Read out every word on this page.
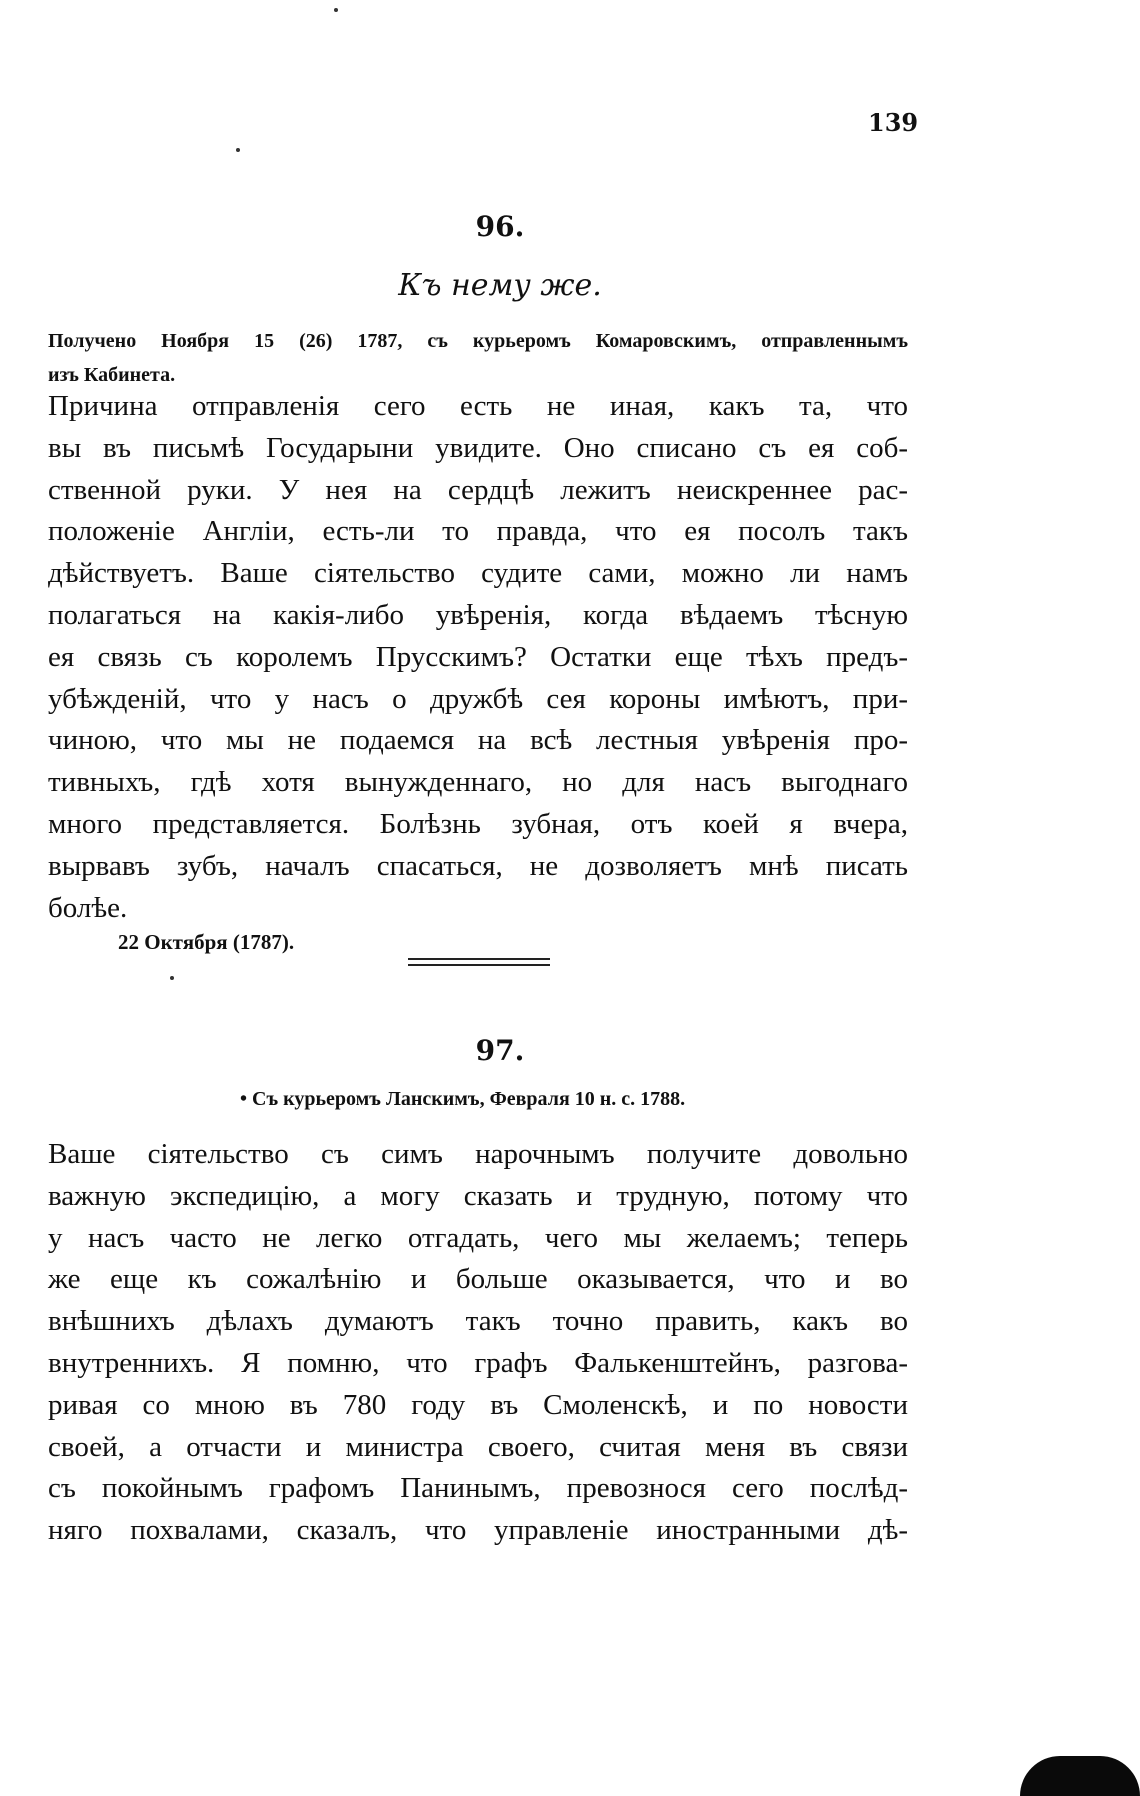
139
96.
Къ нему же.
Получено Ноября 15 (26) 1787, съ курьеромъ Комаровскимъ, отправленнымъ
изъ Кабинета.
Причина отправленія сего есть не иная, какъ та, что
вы въ письмѣ Государыни увидите. Оно списано съ ея соб-
ственной руки. У нея на сердцѣ лежитъ неискреннее рас-
положеніе Англіи, есть-ли то правда, что ея посолъ такъ
дѣйствуетъ. Ваше сіятельство судите сами, можно ли намъ
полагаться на какія-либо увѣренія, когда вѣдаемъ тѣсную
ея связь съ королемъ Прусскимъ? Остатки еще тѣхъ предъ-
убѣжденій, что у насъ о дружбѣ сея короны имѣютъ, при-
чиною, что мы не подаемся на всѣ лестныя увѣренія про-
тивныхъ, гдѣ хотя вынужденнаго, но для насъ выгоднаго
много представляется. Болѣзнь зубная, отъ коей я вчера,
вырвавъ зубъ, началъ спасаться, не дозволяетъ мнѣ писать
болѣе.
22 Октября (1787).
97.
• Съ курьеромъ Ланскимъ, Февраля 10 н. с. 1788.
Ваше сіятельство съ симъ нарочнымъ получите довольно
важную экспедицію, а могу сказать и трудную, потому что
у насъ часто не легко отгадать, чего мы желаемъ; теперь
же еще къ сожалѣнію и больше оказывается, что и во
внѣшнихъ дѣлахъ думаютъ такъ точно править, какъ во
внутреннихъ. Я помню, что графъ Фалькенштейнъ, разгова-
ривая со мною въ 780 году въ Смоленскѣ, и по новости
своей, а отчасти и министра своего, считая меня въ связи
съ покойнымъ графомъ Панинымъ, превознося сего послѣд-
няго похвалами, сказалъ, что управленіе иностранными дѣ-
